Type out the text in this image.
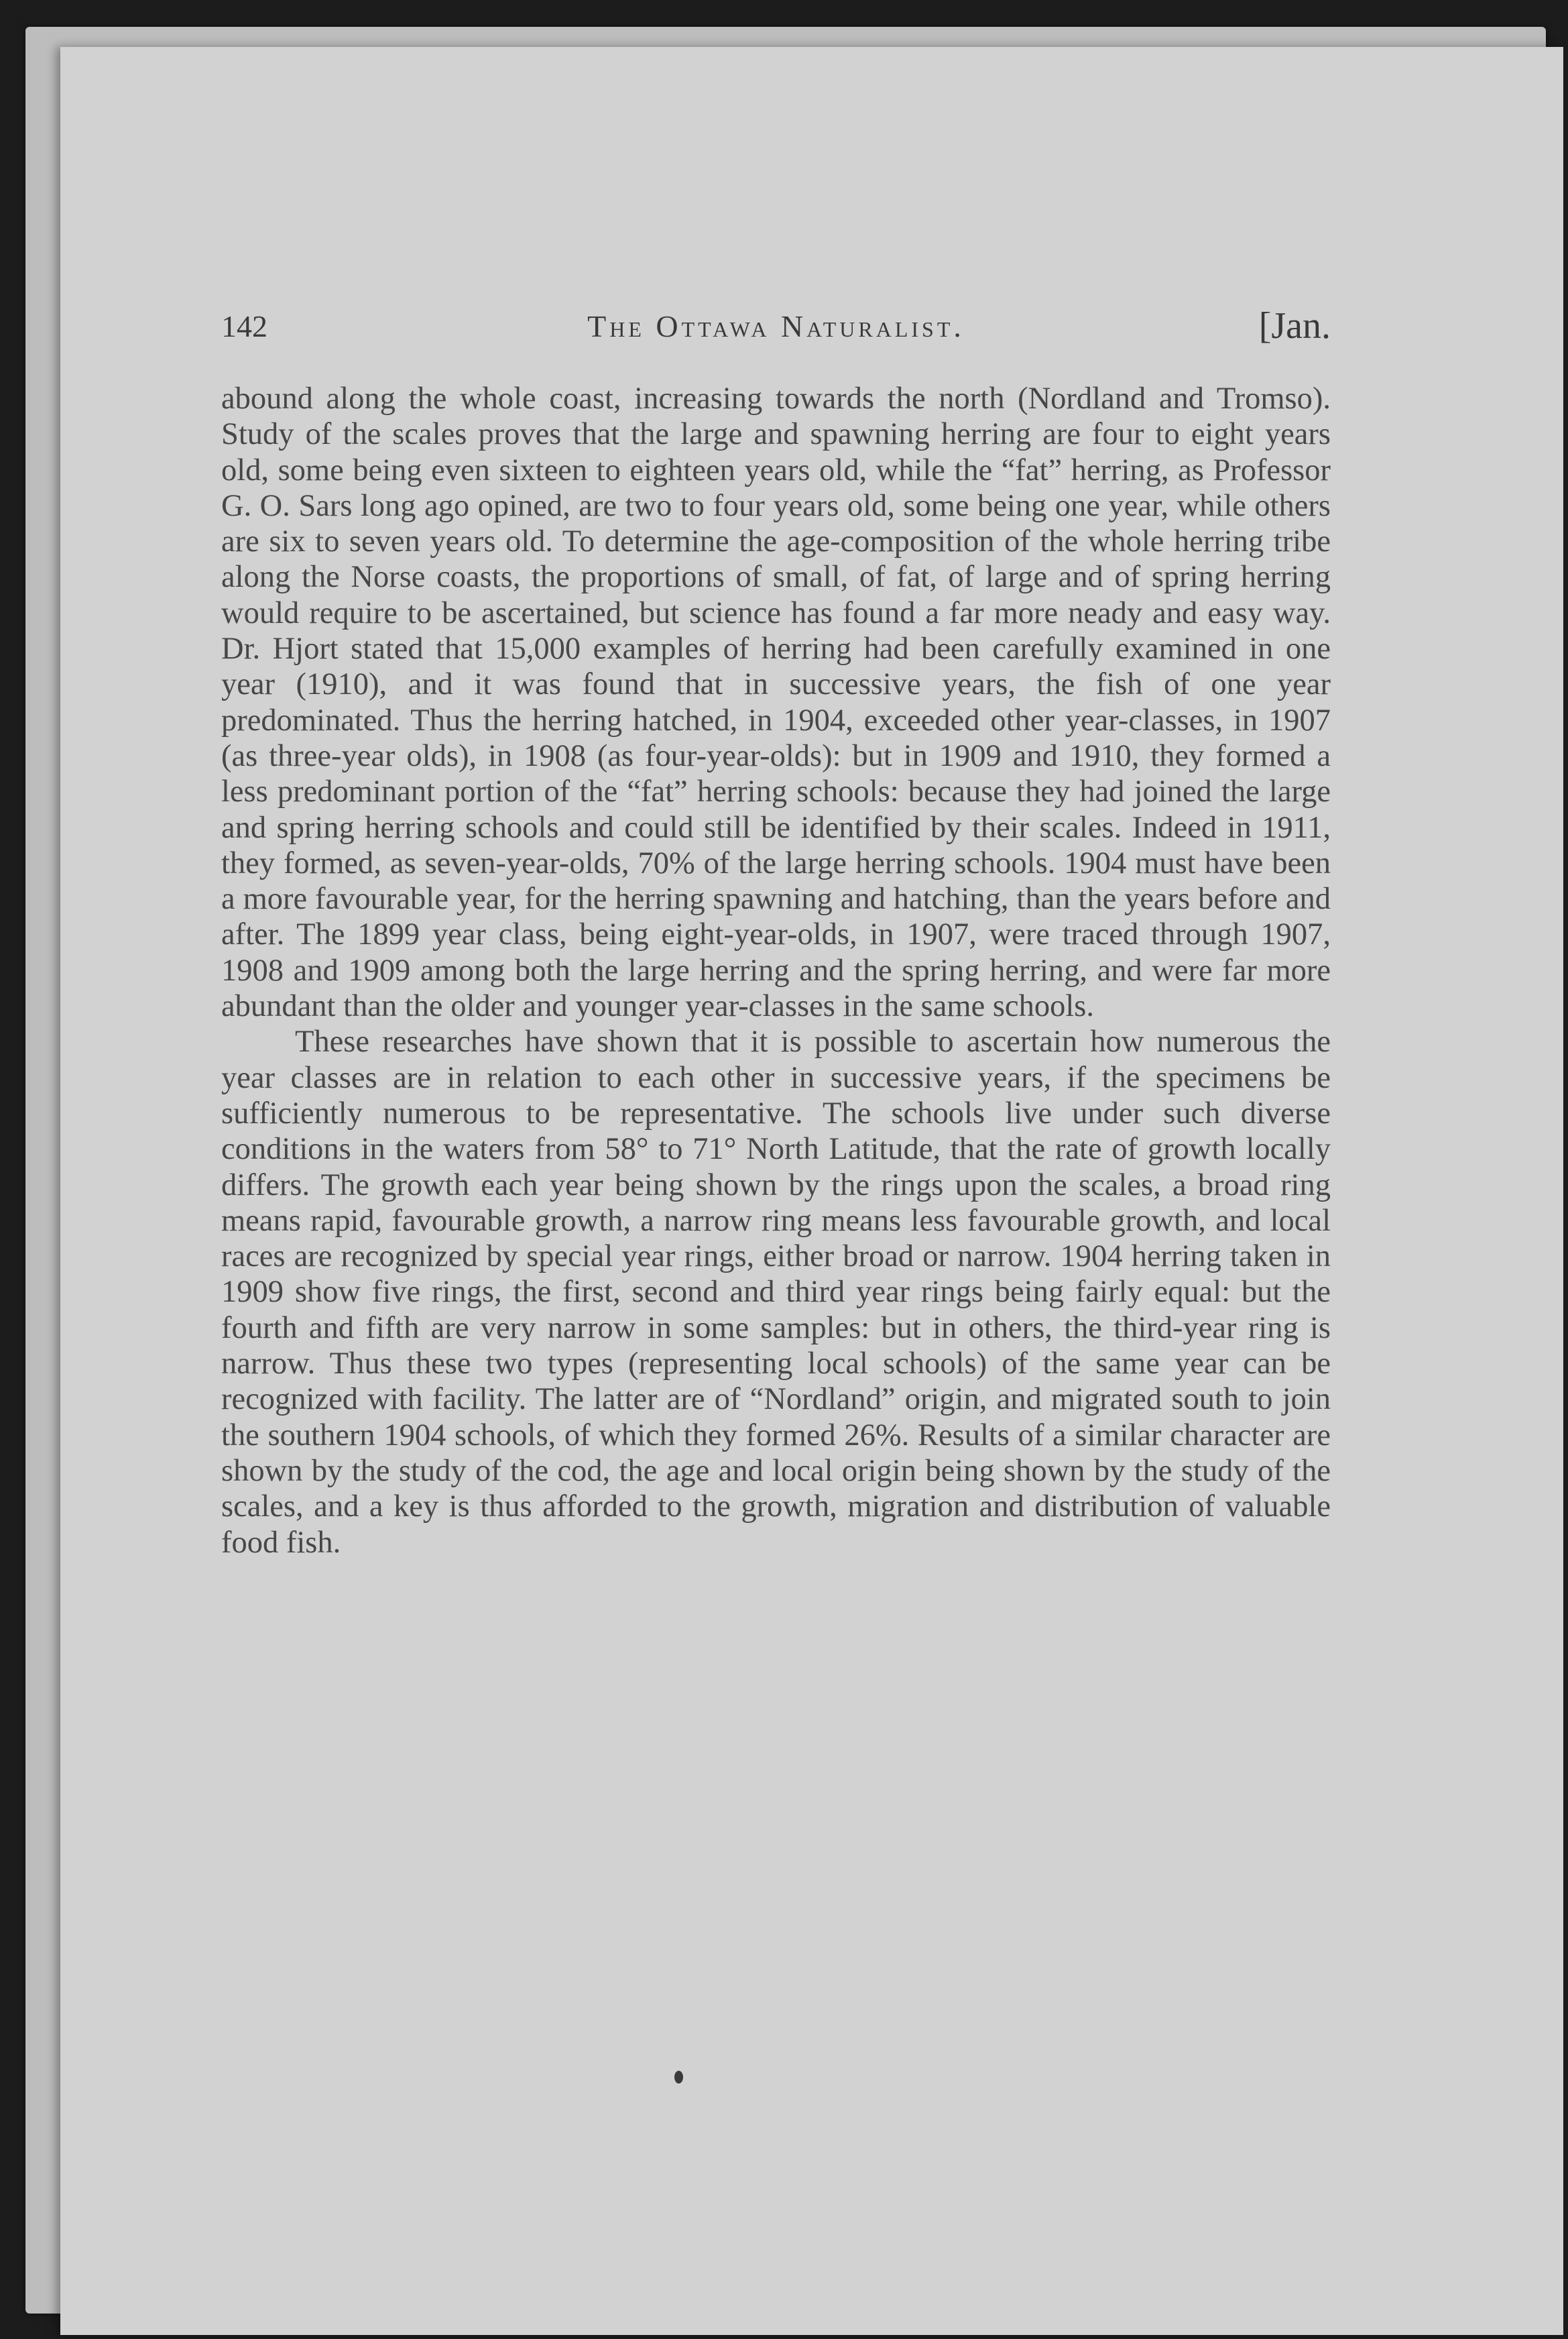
142	The Ottawa Naturalist.	[Jan.

abound along the whole coast, increasing towards the north (Nordland and Tromso). Study of the scales proves that the large and spawning herring are four to eight years old, some being even sixteen to eighteen years old, while the “fat” herring, as Professor G. O. Sars long ago opined, are two to four years old, some being one year, while others are six to seven years old. To determine the age-composition of the whole herring tribe along the Norse coasts, the proportions of small, of fat, of large and of spring herring would require to be ascertained, but science has found a far more neady and easy way. Dr. Hjort stated that 15,000 examples of herring had been carefully examined in one year (1910), and it was found that in successive years, the fish of one year predominated. Thus the herring hatched, in 1904, exceeded other year-classes, in 1907 (as three-year olds), in 1908 (as four-year-olds): but in 1909 and 1910, they formed a less predominant portion of the “fat” herring schools: because they had joined the large and spring herring schools and could still be identified by their scales. Indeed in 1911, they formed, as seven-year-olds, 70% of the large herring schools. 1904 must have been a more favourable year, for the herring spawning and hatching, than the years before and after. The 1899 year class, being eight-year-olds, in 1907, were traced through 1907, 1908 and 1909 among both the large herring and the spring herring, and were far more abundant than the older and younger year-classes in the same schools.

These researches have shown that it is possible to ascertain how numerous the year classes are in relation to each other in successive years, if the specimens be sufficiently numerous to be representative. The schools live under such diverse conditions in the waters from 58° to 71° North Latitude, that the rate of growth locally differs. The growth each year being shown by the rings upon the scales, a broad ring means rapid, favourable growth, a narrow ring means less favourable growth, and local races are recognized by special year rings, either broad or narrow. 1904 herring taken in 1909 show five rings, the first, second and third year rings being fairly equal: but the fourth and fifth are very narrow in some samples: but in others, the third-year ring is narrow. Thus these two types (representing local schools) of the same year can be recognized with facility. The latter are of “Nordland” origin, and migrated south to join the southern 1904 schools, of which they formed 26%. Results of a similar character are shown by the study of the cod, the age and local origin being shown by the study of the scales, and a key is thus afforded to the growth, migration and distribution of valuable food fish.
